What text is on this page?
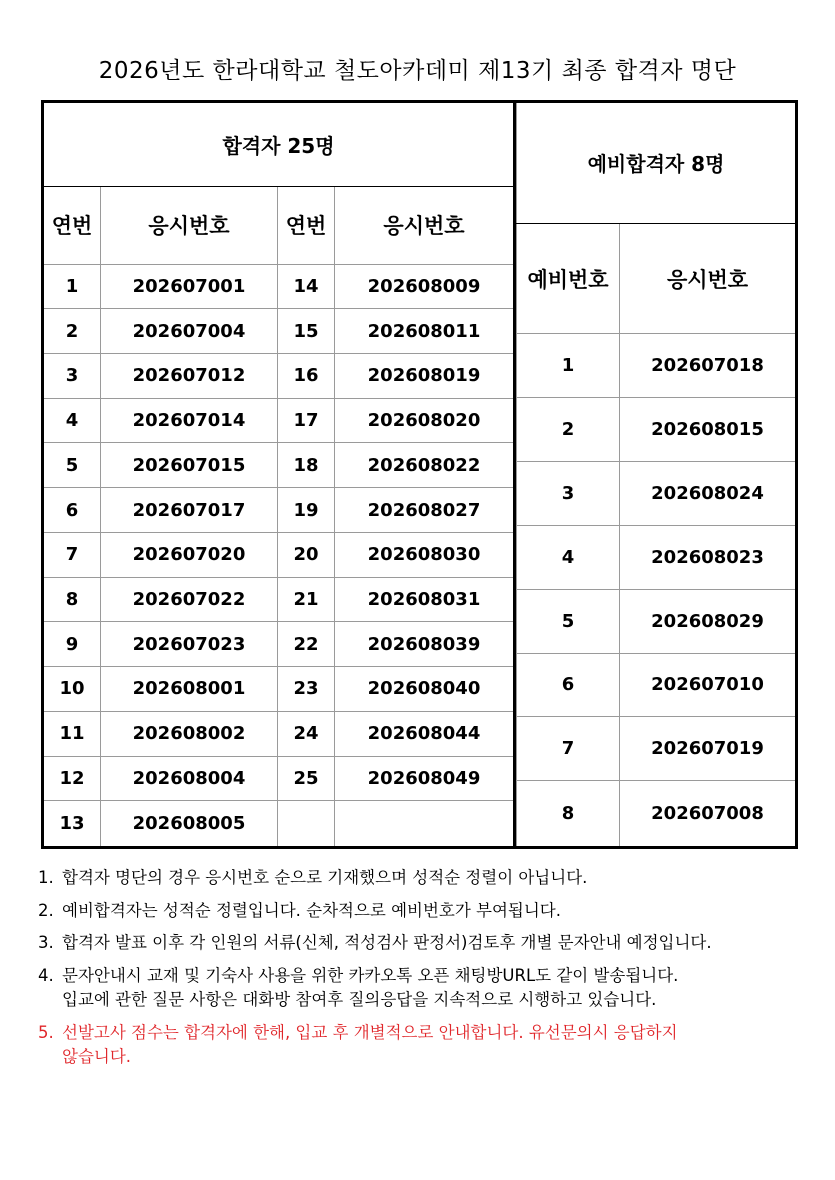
2026년도 한라대학교 철도아카데미 제13기 최종 합격자 명단
합격자 25명			
연번	응시번호	연번	응시번호
1	202607001	14	202608009
2	202607004	15	202608011
3	202607012	16	202608019
4	202607014	17	202608020
5	202607015	18	202608022
6	202607017	19	202608027
7	202607020	20	202608030
8	202607022	21	202608031
9	202607023	22	202608039
10	202608001	23	202608040
11	202608002	24	202608044
12	202608004	25	202608049
13	202608005		
예비합격자 8명	
예비번호	응시번호
1	202607018
2	202608015
3	202608024
4	202608023
5	202608029
6	202607010
7	202607019
8	202607008
1. 합격자 명단의 경우 응시번호 순으로 기재했으며 성적순 정렬이 아닙니다.
2. 예비합격자는 성적순 정렬입니다. 순차적으로 예비번호가 부여됩니다.
3. 합격자 발표 이후 각 인원의 서류(신체, 적성검사 판정서)검토후 개별 문자안내 예정입니다.
4. 문자안내시 교재 및 기숙사 사용을 위한 카카오톡 오픈 채팅방URL도 같이 발송됩니다.
입교에 관한 질문 사항은 대화방 참여후 질의응답을 지속적으로 시행하고 있습니다.
5. 선발고사 점수는 합격자에 한해, 입교 후 개별적으로 안내합니다. 유선문의시 응답하지
않습니다.
